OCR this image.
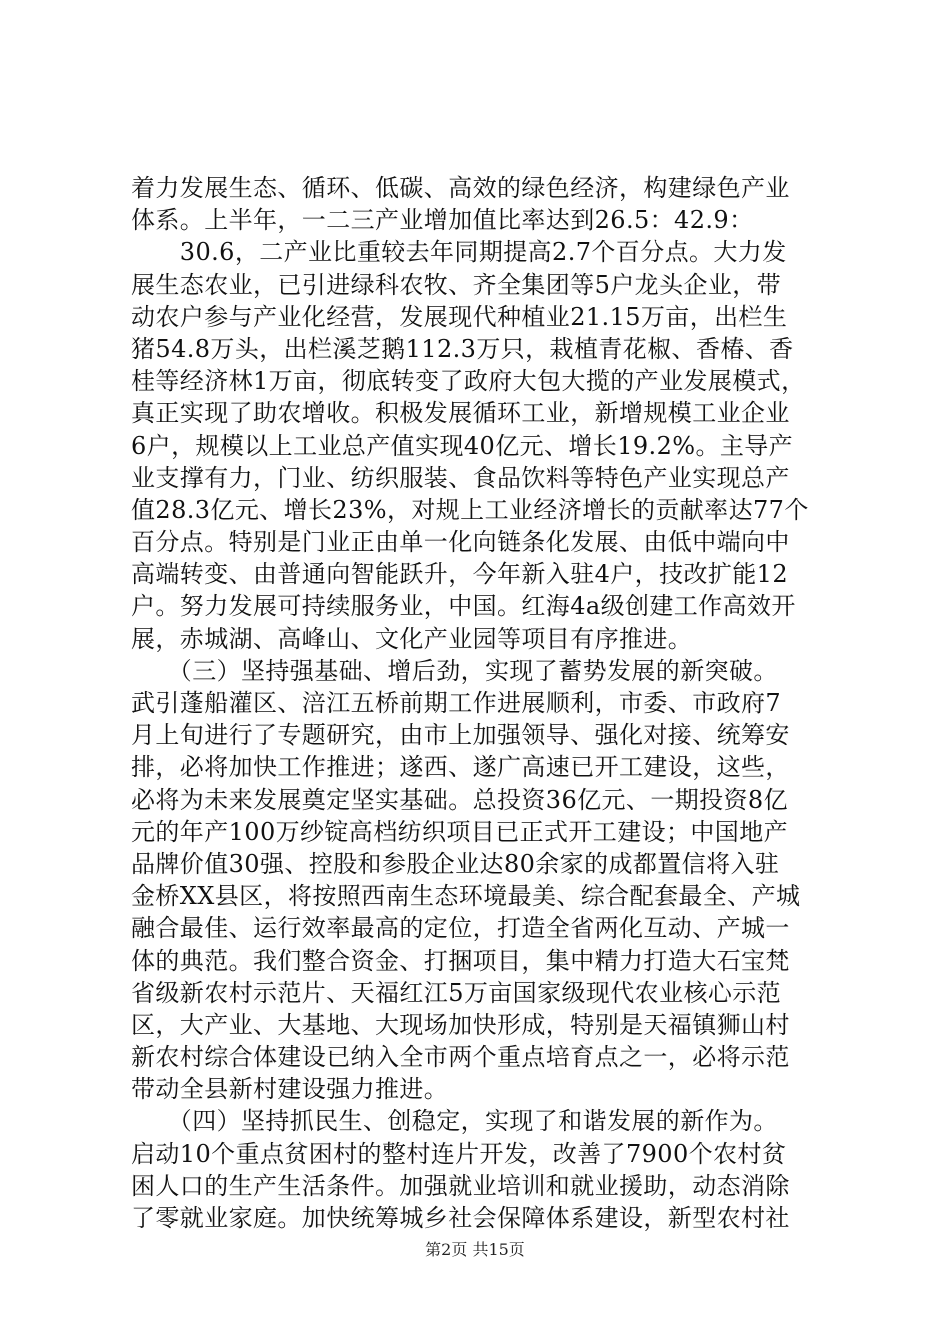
着力发展生态、循环、低碳、高效的绿色经济，构建绿色产业
体系。上半年，一二三产业增加值比率达到26.5：42.9：
　　30.6，二产业比重较去年同期提高2.7个百分点。大力发
展生态农业，已引进绿科农牧、齐全集团等5户龙头企业，带
动农户参与产业化经营，发展现代种植业21.15万亩，出栏生
猪54.8万头，出栏溪芝鹅112.3万只，栽植青花椒、香椿、香
桂等经济林1万亩，彻底转变了政府大包大揽的产业发展模式，
真正实现了助农增收。积极发展循环工业，新增规模工业企业
6户，规模以上工业总产值实现40亿元、增长19.2%。主导产
业支撑有力，门业、纺织服装、食品饮料等特色产业实现总产
值28.3亿元、增长23%，对规上工业经济增长的贡献率达77个
百分点。特别是门业正由单一化向链条化发展、由低中端向中
高端转变、由普通向智能跃升，今年新入驻4户，技改扩能12
户。努力发展可持续服务业，中国。红海4a级创建工作高效开
展，赤城湖、高峰山、文化产业园等项目有序推进。
　　（三）坚持强基础、增后劲，实现了蓄势发展的新突破。
武引蓬船灌区、涪江五桥前期工作进展顺利，市委、市政府7
月上旬进行了专题研究，由市上加强领导、强化对接、统筹安
排，必将加快工作推进；遂西、遂广高速已开工建设，这些，
必将为未来发展奠定坚实基础。总投资36亿元、一期投资8亿
元的年产100万纱锭高档纺织项目已正式开工建设；中国地产
品牌价值30强、控股和参股企业达80余家的成都置信将入驻
金桥XX县区，将按照西南生态环境最美、综合配套最全、产城
融合最佳、运行效率最高的定位，打造全省两化互动、产城一
体的典范。我们整合资金、打捆项目，集中精力打造大石宝梵
省级新农村示范片、天福红江5万亩国家级现代农业核心示范
区，大产业、大基地、大现场加快形成，特别是天福镇狮山村
新农村综合体建设已纳入全市两个重点培育点之一，必将示范
带动全县新村建设强力推进。
　　（四）坚持抓民生、创稳定，实现了和谐发展的新作为。
启动10个重点贫困村的整村连片开发，改善了7900个农村贫
困人口的生产生活条件。加强就业培训和就业援助，动态消除
了零就业家庭。加快统筹城乡社会保障体系建设，新型农村社
第2页 共15页
